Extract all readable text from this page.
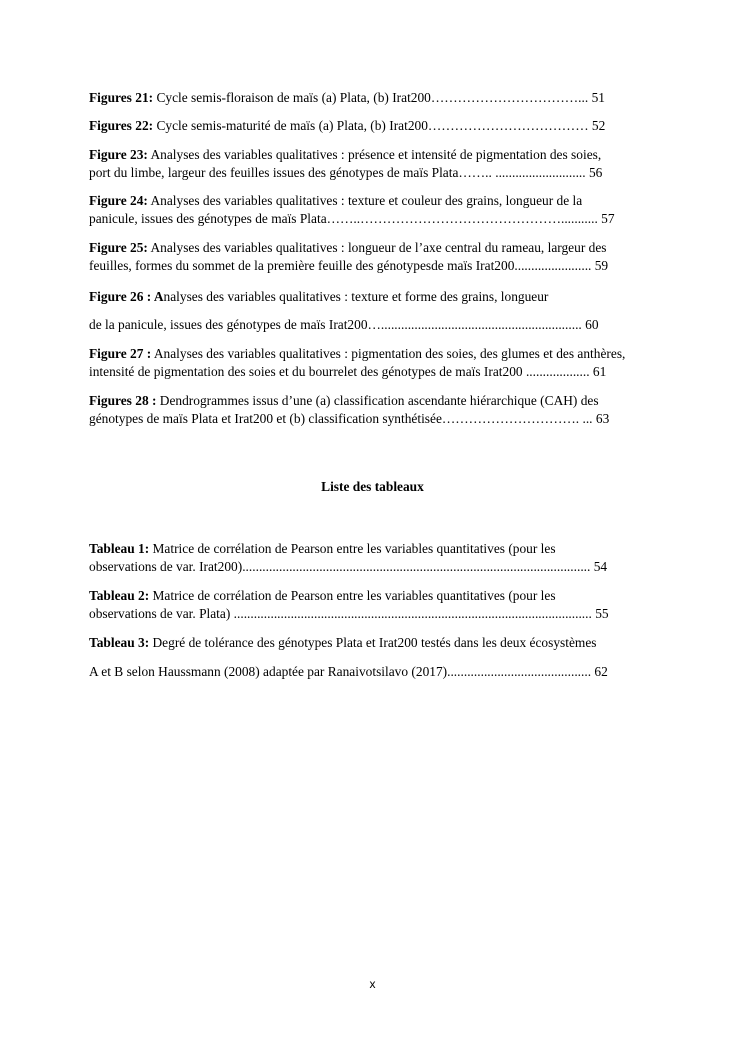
Figures 21: Cycle semis-floraison de maïs (a) Plata, (b) Irat200……………………………... 51

Figures 22: Cycle semis-maturité de maïs (a) Plata, (b) Irat200……………………………… 52

Figure 23: Analyses des variables qualitatives : présence et intensité de pigmentation des soies,

port du limbe, largeur des feuilles issues des génotypes de maïs Plata…….. ........................... 56

Figure 24: Analyses des variables qualitatives : texture et couleur des grains, longueur de la

panicule, issues des génotypes de maïs Plata……..………………………………………........... 57

Figure 25: Analyses des variables qualitatives : longueur de l’axe central du rameau, largeur des

feuilles, formes du sommet de la première feuille des génotypesde maïs Irat200....................... 59

Figure 26 : Analyses des variables qualitatives : texture et forme des grains, longueur

de la panicule, issues des génotypes de maïs Irat200…............................................................ 60

Figure 27 : Analyses des variables qualitatives : pigmentation des soies, des glumes et des anthères,

intensité de pigmentation des soies et du bourrelet des génotypes de maïs Irat200 ................... 61

Figures 28 : Dendrogrammes issus d’une (a) classification ascendante hiérarchique (CAH) des

génotypes de maïs Plata et Irat200 et (b) classification synthétisée…………………………. ... 63

Liste des tableaux

Tableau 1: Matrice de corrélation de Pearson entre les variables quantitatives (pour les

observations de var. Irat200)........................................................................................................ 54

Tableau 2: Matrice de corrélation de Pearson entre les variables quantitatives (pour les

observations de var. Plata) ........................................................................................................... 55

Tableau 3: Degré de tolérance des génotypes Plata et Irat200 testés dans les deux écosystèmes

A et B selon Haussmann (2008) adaptée par Ranaivotsilavo (2017)........................................... 62

x
